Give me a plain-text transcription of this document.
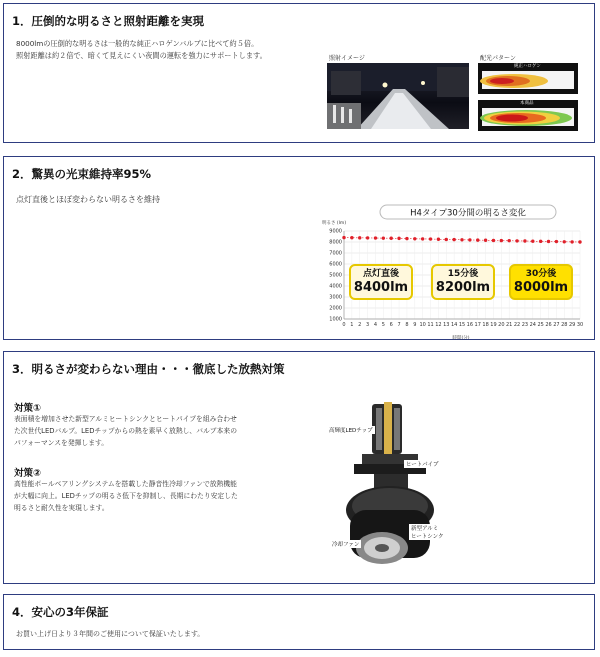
1．圧倒的な明るさと照射距離を実現
8000lmの圧倒的な明るさは一般的な純正ハロゲンバルブに比べて約５倍。
照射距離は約２倍で、暗くて見えにくい夜間の運転を強力にサポートします。	照射イメージ	配光パターン
純正ハロゲン
本商品
2．驚異の光束維持率95%
点灯直後とほぼ変わらない明るさを維持
H4タイプ30分間の明るさ変化
明るさ (lm)
9000
8000
7000
6000
5000
4000
3000
2000
1000
0 1 2 3 4 5 6 7 8 9 10 11 12 13 14 15 16 17 18 19 20 21 22 23 24 25 26 27 28 29 30
時間(分)
点灯直後
8400lm
15分後
8200lm
30分後
8000lm
3．明るさが変わらない理由・・・徹底した放熱対策
対策①
表面積を増加させた新型アルミヒートシンクとヒートパイプを組み合わせ
た次世代LEDバルブ。LEDチップからの熱を素早く放熱し、バルブ本来の
パフォーマンスを発揮します。
対策②
高性能ボールベアリングシステムを搭載した静音性冷却ファンで放熱機能
が大幅に向上。LEDチップの明るさ低下を抑制し、長期にわたり安定した
明るさと耐久性を実現します。
高輝度LEDチップ
ヒートパイプ
新型アルミ
ヒートシンク
冷却ファン
4．安心の3年保証
お買い上げ日より３年間のご使用について保証いたします。
